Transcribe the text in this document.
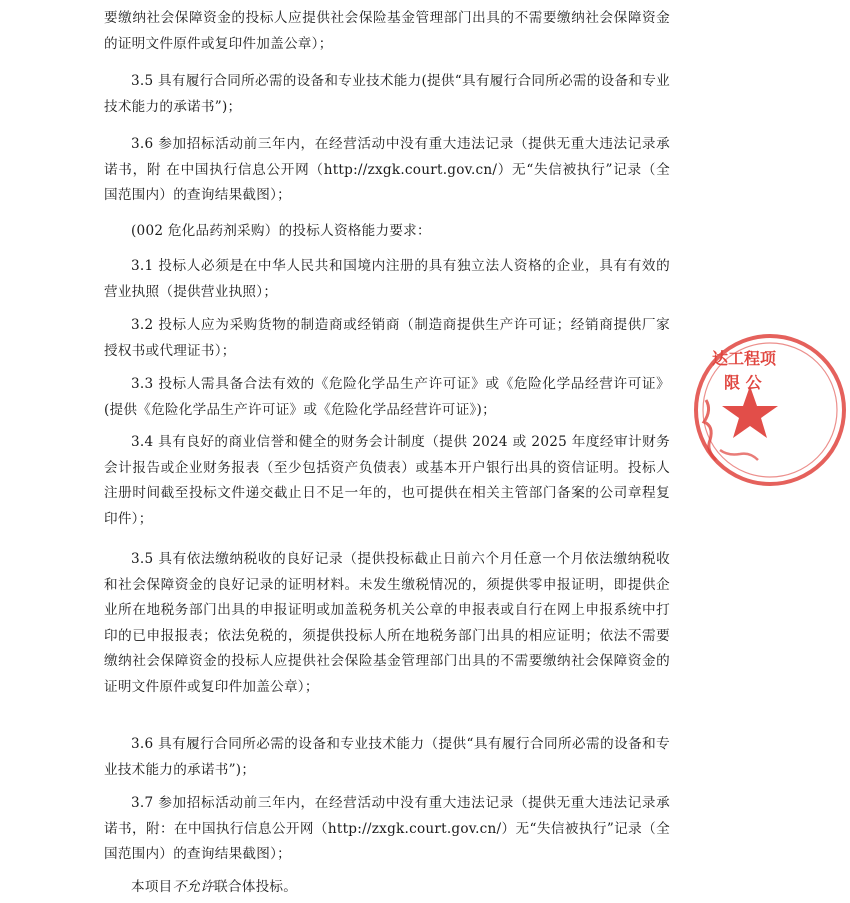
要缴纳社会保障资金的投标人应提供社会保险基金管理部门出具的不需要缴纳社会保障资金的证明文件原件或复印件加盖公章）；

3.5 具有履行合同所必需的设备和专业技术能力(提供“具有履行合同所必需的设备和专业技术能力的承诺书”)；

3.6 参加招标活动前三年内，在经营活动中没有重大违法记录（提供无重大违法记录承诺书，附 在中国执行信息公开网（http://zxgk.court.gov.cn/）无“失信被执行”记录（全国范围内）的查询结果截图）；

(002 危化品药剂采购）的投标人资格能力要求：

3.1 投标人必须是在中华人民共和国境内注册的具有独立法人资格的企业，具有有效的营业执照（提供营业执照）；

3.2 投标人应为采购货物的制造商或经销商（制造商提供生产许可证；经销商提供厂家授权书或代理证书）；

3.3 投标人需具备合法有效的《危险化学品生产许可证》或《危险化学品经营许可证》(提供《危险化学品生产许可证》或《危险化学品经营许可证》)；

3.4 具有良好的商业信誉和健全的财务会计制度（提供 2024 或 2025 年度经审计财务会计报告或企业财务报表（至少包括资产负债表）或基本开户银行出具的资信证明。投标人注册时间截至投标文件递交截止日不足一年的，也可提供在相关主管部门备案的公司章程复印件）；

3.5 具有依法缴纳税收的良好记录（提供投标截止日前六个月任意一个月依法缴纳税收和社会保障资金的良好记录的证明材料。未发生缴税情况的，须提供零申报证明，即提供企业所在地税务部门出具的申报证明或加盖税务机关公章的申报表或自行在网上申报系统中打印的已申报报表；依法免税的，须提供投标人所在地税务部门出具的相应证明；依法不需要缴纳社会保障资金的投标人应提供社会保险基金管理部门出具的不需要缴纳社会保障资金的证明文件原件或复印件加盖公章）；

3.6 具有履行合同所必需的设备和专业技术能力（提供“具有履行合同所必需的设备和专业技术能力的承诺书”)；

3.7 参加招标活动前三年内，在经营活动中没有重大违法记录（提供无重大违法记录承诺书，附：在中国执行信息公开网（http://zxgk.court.gov.cn/）无“失信被执行”记录（全国范围内）的查询结果截图）；

本项目不允许联合体投标。

达工程项
限 公
